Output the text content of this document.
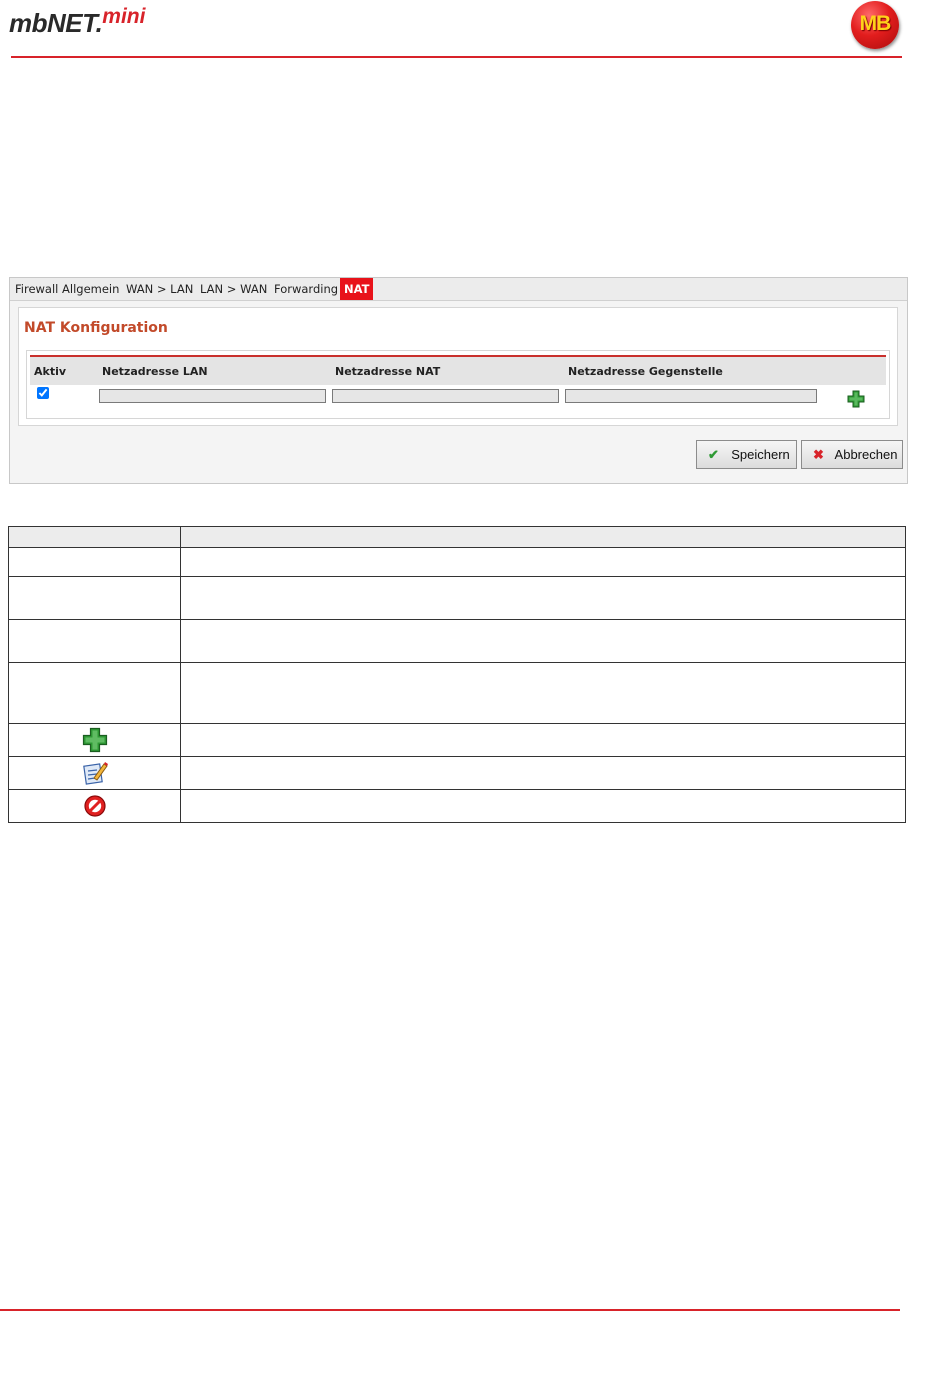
mbNET.mini	MB
Firewall Allgemein WAN > LAN LAN > WAN Forwarding NAT
NAT Konfiguration
Aktiv	Netzadresse LAN	Netzadresse NAT	Netzadresse Gegenstelle
✔ Speichern	✖ Abbrechen
